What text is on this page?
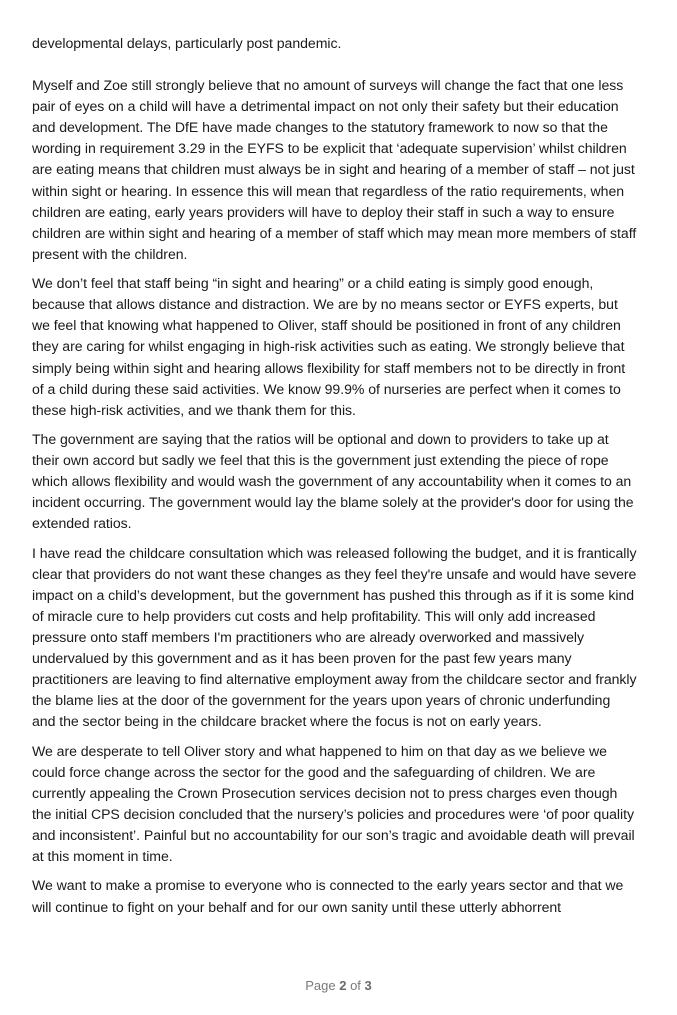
developmental delays, particularly post pandemic.

Myself and Zoe still strongly believe that no amount of surveys will change the fact that one less pair of eyes on a child will have a detrimental impact on not only their safety but their education and development. The DfE have made changes to the statutory framework to now so that the wording in requirement 3.29 in the EYFS to be explicit that ‘adequate supervision’ whilst children are eating means that children must always be in sight and hearing of a member of staff – not just within sight or hearing. In essence this will mean that regardless of the ratio requirements, when children are eating, early years providers will have to deploy their staff in such a way to ensure children are within sight and hearing of a member of staff which may mean more members of staff present with the children.

We don’t feel that staff being “in sight and hearing” or a child eating is simply good enough, because that allows distance and distraction. We are by no means sector or EYFS experts, but we feel that knowing what happened to Oliver, staff should be positioned in front of any children they are caring for whilst engaging in high-risk activities such as eating. We strongly believe that simply being within sight and hearing allows flexibility for staff members not to be directly in front of a child during these said activities. We know 99.9% of nurseries are perfect when it comes to these high-risk activities, and we thank them for this.

The government are saying that the ratios will be optional and down to providers to take up at their own accord but sadly we feel that this is the government just extending the piece of rope which allows flexibility and would wash the government of any accountability when it comes to an incident occurring. The government would lay the blame solely at the provider's door for using the extended ratios.

I have read the childcare consultation which was released following the budget, and it is frantically clear that providers do not want these changes as they feel they're unsafe and would have severe impact on a child’s development, but the government has pushed this through as if it is some kind of miracle cure to help providers cut costs and help profitability. This will only add increased pressure onto staff members I'm practitioners who are already overworked and massively undervalued by this government and as it has been proven for the past few years many practitioners are leaving to find alternative employment away from the childcare sector and frankly the blame lies at the door of the government for the years upon years of chronic underfunding and the sector being in the childcare bracket where the focus is not on early years.

We are desperate to tell Oliver story and what happened to him on that day as we believe we could force change across the sector for the good and the safeguarding of children. We are currently appealing the Crown Prosecution services decision not to press charges even though the initial CPS decision concluded that the nursery’s policies and procedures were ‘of poor quality and inconsistent’. Painful but no accountability for our son’s tragic and avoidable death will prevail at this moment in time.

We want to make a promise to everyone who is connected to the early years sector and that we will continue to fight on your behalf and for our own sanity until these utterly abhorrent

Page 2 of 3
